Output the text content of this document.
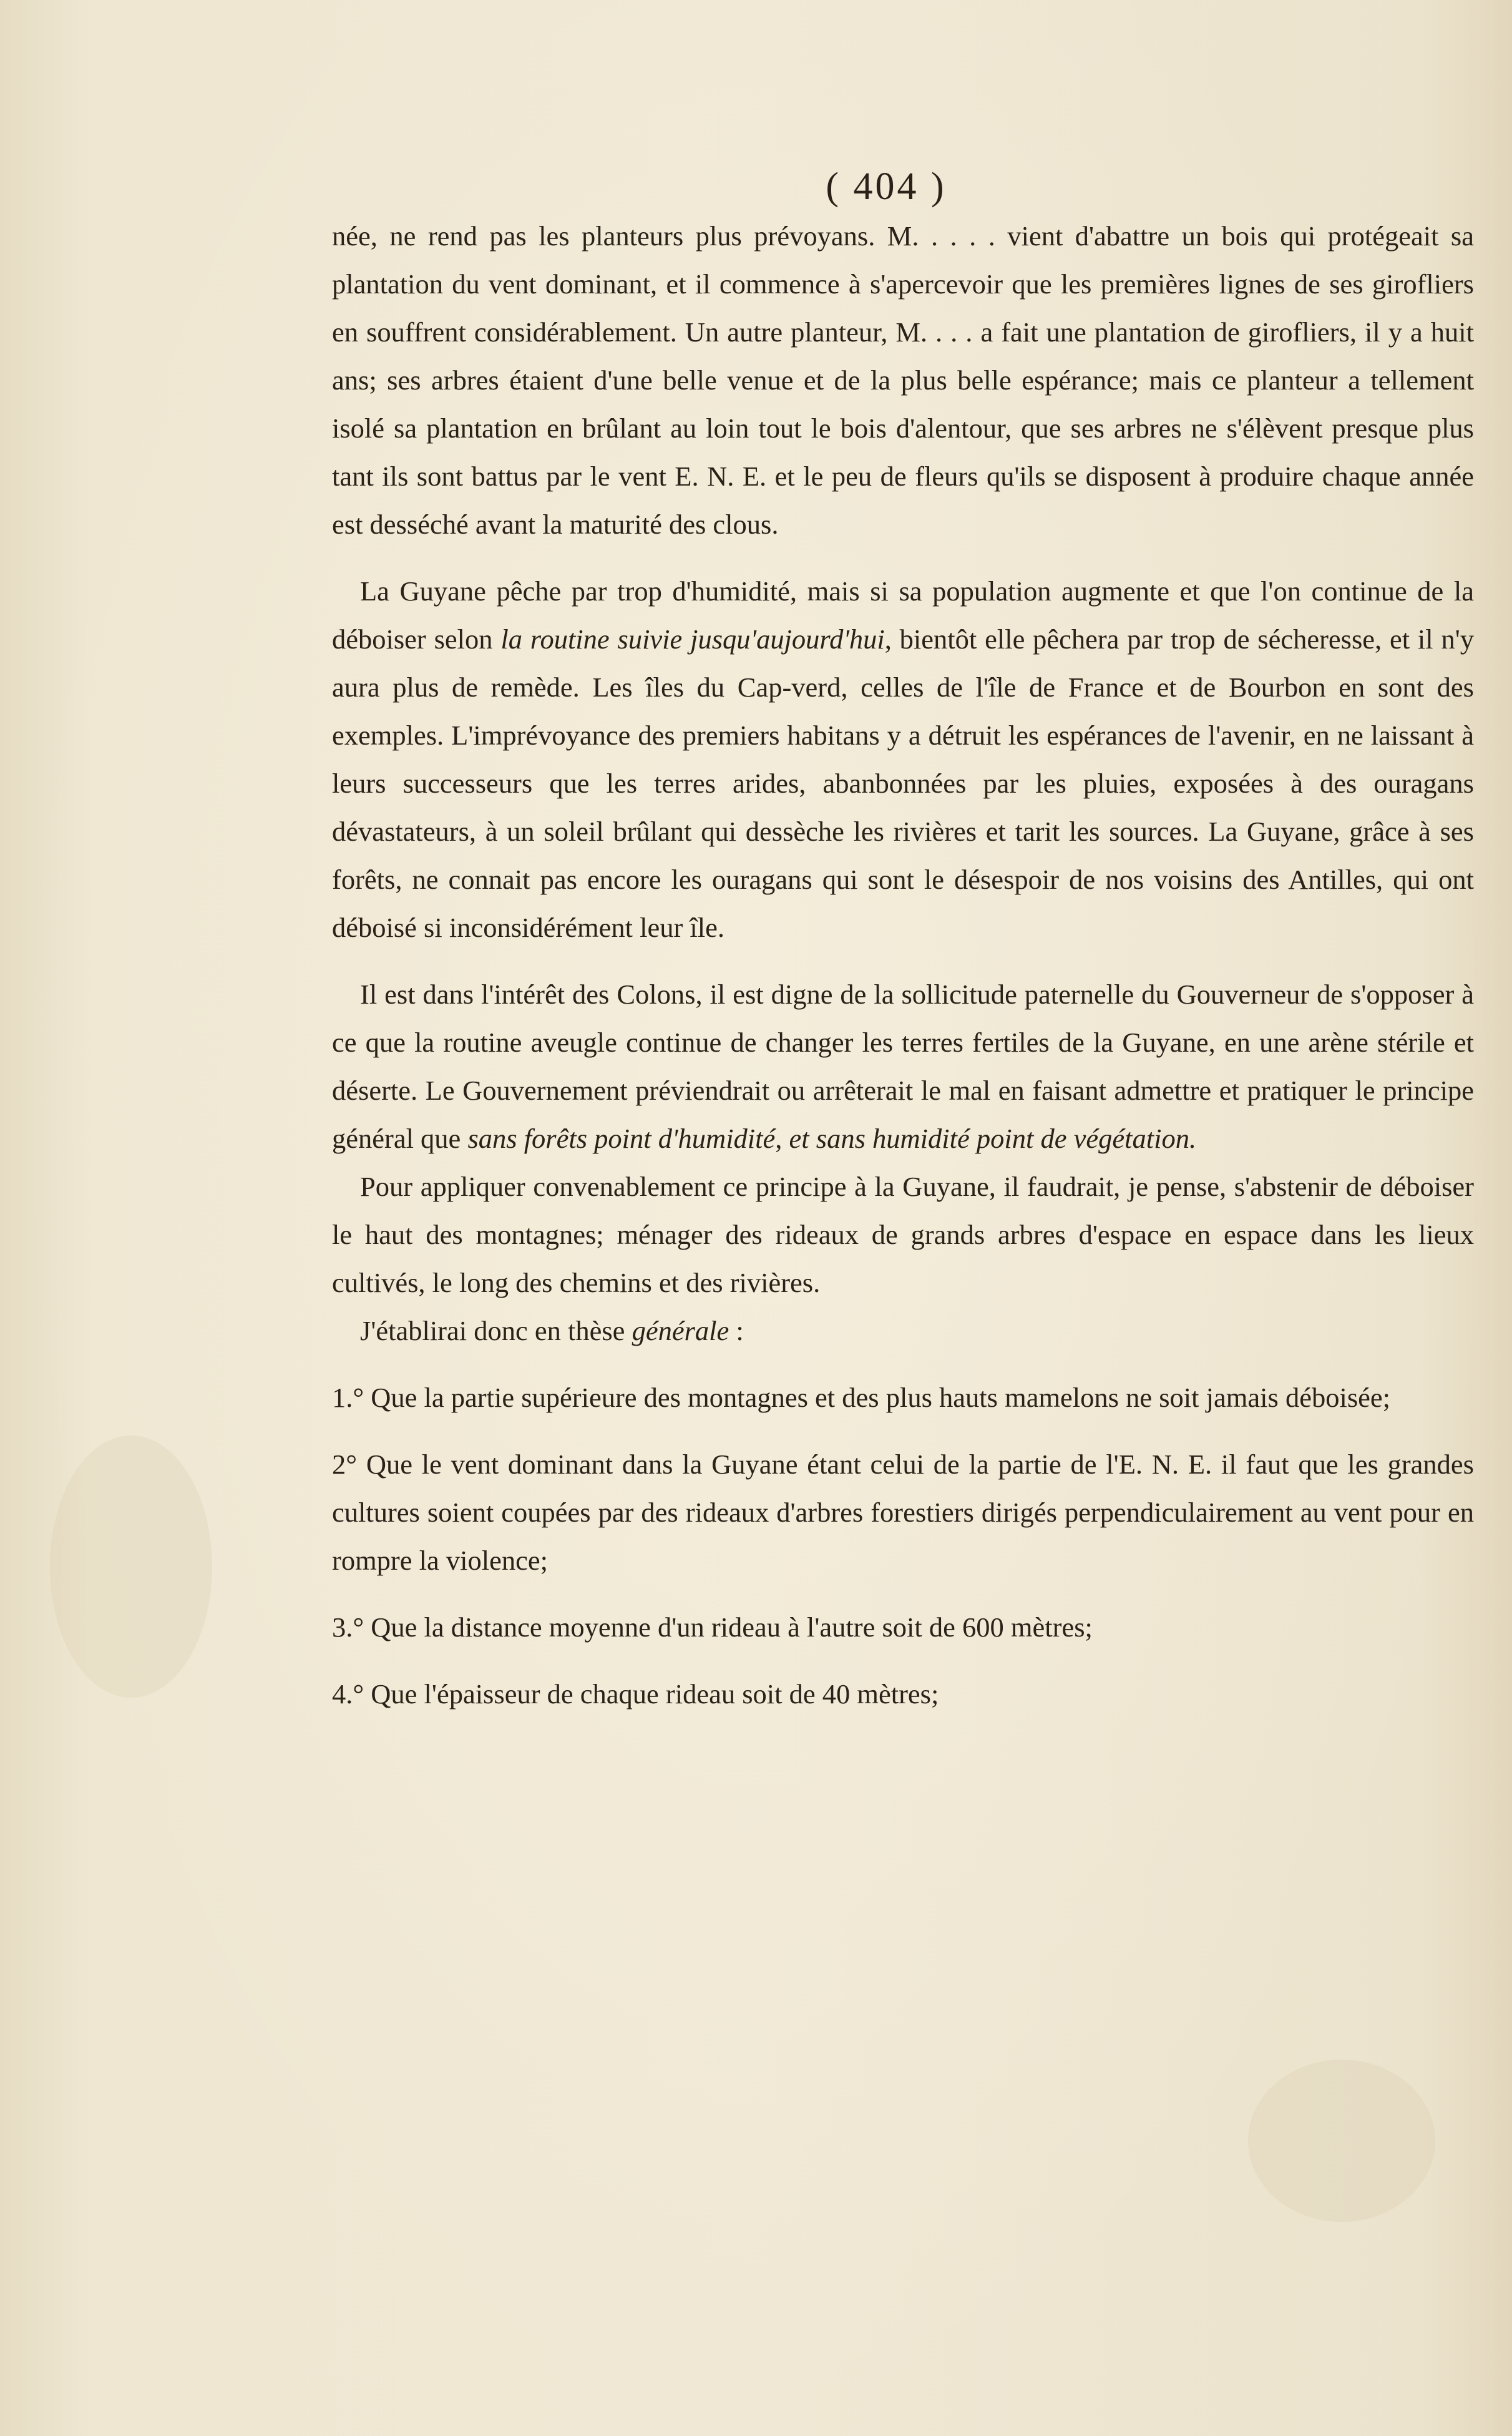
( 404 )

née, ne rend pas les planteurs plus prévoyans. M. . . . . vient d'abattre un bois qui protégeait sa plantation du vent dominant, et il commence à s'apercevoir que les premières lignes de ses girofliers en souffrent considérablement. Un autre planteur, M. . . . a fait une plantation de girofliers, il y a huit ans; ses arbres étaient d'une belle venue et de la plus belle espérance; mais ce planteur a tellement isolé sa plantation en brûlant au loin tout le bois d'alentour, que ses arbres ne s'élèvent presque plus tant ils sont battus par le vent E. N. E. et le peu de fleurs qu'ils se disposent à produire chaque année est desséché avant la maturité des clous.

La Guyane pêche par trop d'humidité, mais si sa population augmente et que l'on continue de la déboiser selon la routine suivie jusqu'aujourd'hui, bientôt elle pêchera par trop de sécheresse, et il n'y aura plus de remède. Les îles du Cap-verd, celles de l'île de France et de Bourbon en sont des exemples. L'imprévoyance des premiers habitans y a détruit les espérances de l'avenir, en ne laissant à leurs successeurs que les terres arides, abanbonnées par les pluies, exposées à des ouragans dévastateurs, à un soleil brûlant qui dessèche les rivières et tarit les sources. La Guyane, grâce à ses forêts, ne connait pas encore les ouragans qui sont le désespoir de nos voisins des Antilles, qui ont déboisé si inconsidérément leur île.

Il est dans l'intérêt des Colons, il est digne de la sollicitude paternelle du Gouverneur de s'opposer à ce que la routine aveugle continue de changer les terres fertiles de la Guyane, en une arène stérile et déserte. Le Gouvernement préviendrait ou arrêterait le mal en faisant admettre et pratiquer le principe général que sans forêts point d'humidité, et sans humidité point de végétation.

Pour appliquer convenablement ce principe à la Guyane, il faudrait, je pense, s'abstenir de déboiser le haut des montagnes; ménager des rideaux de grands arbres d'espace en espace dans les lieux cultivés, le long des chemins et des rivières.

J'établirai donc en thèse générale :

1.° Que la partie supérieure des montagnes et des plus hauts mamelons ne soit jamais déboisée;

2° Que le vent dominant dans la Guyane étant celui de la partie de l'E. N. E. il faut que les grandes cultures soient coupées par des rideaux d'arbres forestiers dirigés perpendiculairement au vent pour en rompre la violence;

3.° Que la distance moyenne d'un rideau à l'autre soit de 600 mètres;

4.° Que l'épaisseur de chaque rideau soit de 40 mètres;
